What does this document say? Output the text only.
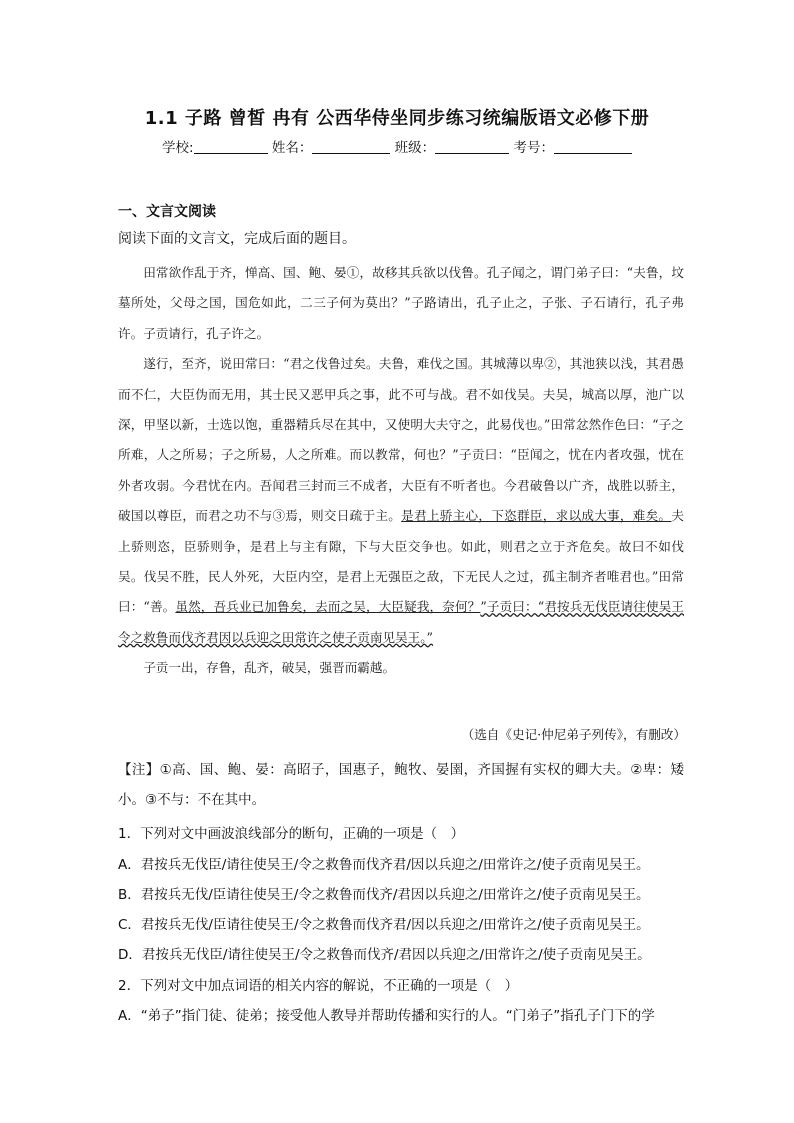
1.1 子路 曾皙 冉有 公西华侍坐同步练习统编版语文必修下册
学校:	姓名：	班级：	考号：
一、文言文阅读
阅读下面的文言文，完成后面的题目。

田常欲作乱于齐，惮高、国、鲍、晏①，故移其兵欲以伐鲁。孔子闻之，谓门弟子曰：“夫鲁，坟墓所处，父母之国，国危如此，二三子何为莫出？”子路请出，孔子止之，子张、子石请行，孔子弗许。子贡请行，孔子许之。

遂行，至齐，说田常曰：“君之伐鲁过矣。夫鲁，难伐之国。其城薄以卑②，其池狭以浅，其君愚而不仁，大臣伪而无用，其士民又恶甲兵之事，此不可与战。君不如伐吴。夫吴，城高以厚，池广以深，甲坚以新，士选以饱，重器精兵尽在其中，又使明大夫守之，此易伐也。”田常忿然作色曰：“子之所难，人之所易；子之所易，人之所难。而以教常，何也？”子贡曰：“臣闻之，忧在内者攻强，忧在外者攻弱。今君忧在内。吾闻君三封而三不成者，大臣有不听者也。今君破鲁以广齐，战胜以骄主，破国以尊臣，而君之功不与③焉，则交日疏于主。是君上骄主心，下恣群臣，求以成大事，难矣。夫上骄则恣，臣骄则争，是君上与主有隙，下与大臣交争也。如此，则君之立于齐危矣。故曰不如伐吴。伐吴不胜，民人外死，大臣内空，是君上无强臣之敌，下无民人之过，孤主制齐者唯君也。”田常曰：“善。虽然，吾兵业已加鲁矣，去而之吴，大臣疑我，奈何？”子贡曰：“君按兵无伐臣请往使吴王令之救鲁而伐齐君因以兵迎之田常许之使子贡南见吴王。”

子贡一出，存鲁，乱齐，破吴，强晋而霸越。

（选自《史记·仲尼弟子列传》，有删改）
【注】①高、国、鲍、晏：高昭子，国惠子，鲍牧、晏圉，齐国握有实权的卿大夫。②卑：矮小。③不与：不在其中。
1．下列对文中画波浪线部分的断句，正确的一项是（　）
A．君按兵无伐臣/请往使吴王/令之救鲁而伐齐君/因以兵迎之/田常许之/使子贡南见吴王。
B．君按兵无伐/臣请往使吴王/令之救鲁而伐齐/君因以兵迎之/田常许之/使子贡南见吴王。
C．君按兵无伐/臣请往使吴王/令之救鲁而伐齐君/因以兵迎之/田常许之/使子贡南见吴王。
D．君按兵无伐臣/请往使吴王/令之救鲁而伐齐/君因以兵迎之/田常许之/使子贡南见吴王。
2．下列对文中加点词语的相关内容的解说，不正确的一项是（　）
A．“弟子”指门徒、徒弟；接受他人教导并帮助传播和实行的人。“门弟子”指孔子门下的学
